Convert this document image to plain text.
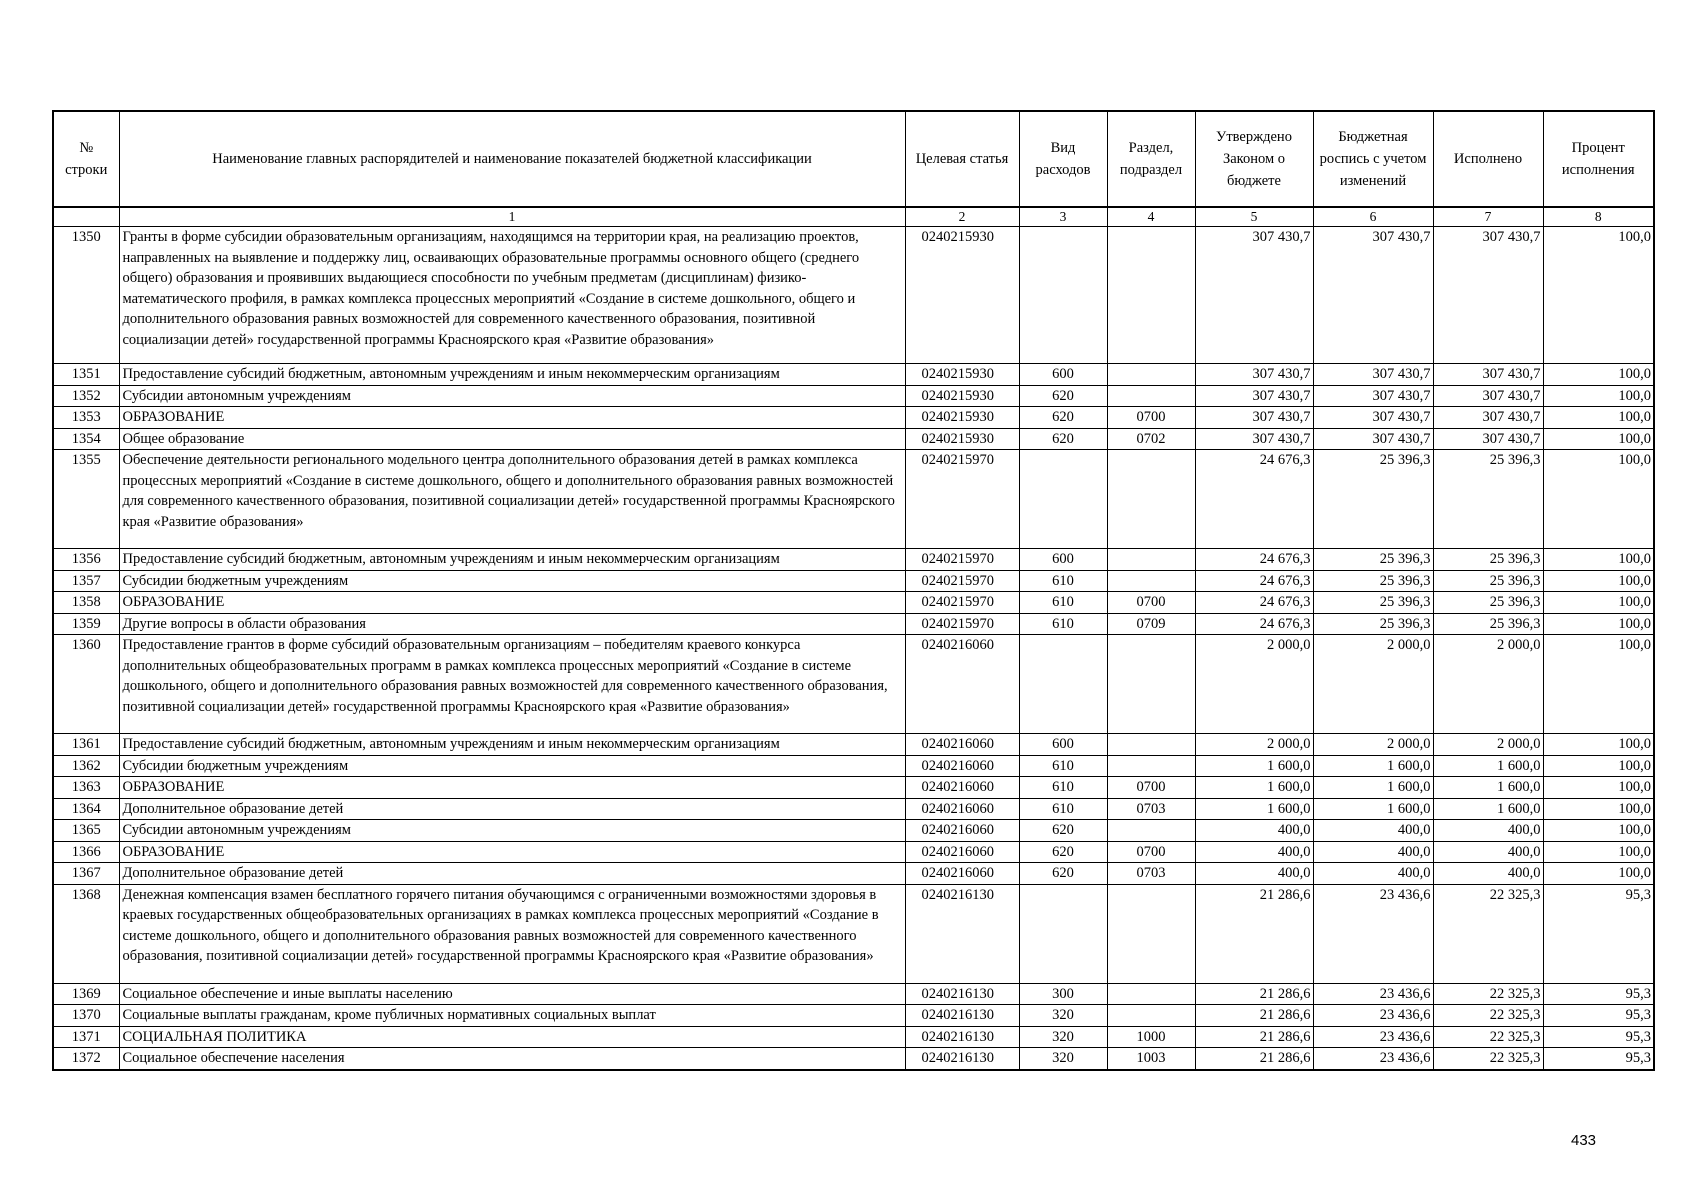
№ строки	Наименование главных распорядителей и наименование показателей бюджетной классификации	Целевая статья	Вид расходов	Раздел, подраздел	Утверждено Законом о бюджете	Бюджетная роспись с учетом изменений	Исполнено	Процент исполнения
	1	2	3	4	5	6	7	8
1350	Гранты в форме субсидии образовательным организациям, находящимся на территории края, на реализацию проектов, направленных на выявление и поддержку лиц, осваивающих образовательные программы основного общего (среднего общего) образования и проявивших выдающиеся способности по учебным предметам (дисциплинам) физико-математического профиля, в рамках комплекса процессных мероприятий «Создание в системе дошкольного, общего и дополнительного образования равных возможностей для современного качественного образования, позитивной социализации детей» государственной программы Красноярского края «Развитие образования»	0240215930			307 430,7	307 430,7	307 430,7	100,0
1351	Предоставление субсидий бюджетным, автономным учреждениям и иным некоммерческим организациям	0240215930	600		307 430,7	307 430,7	307 430,7	100,0
1352	Субсидии автономным учреждениям	0240215930	620		307 430,7	307 430,7	307 430,7	100,0
1353	ОБРАЗОВАНИЕ	0240215930	620	0700	307 430,7	307 430,7	307 430,7	100,0
1354	Общее образование	0240215930	620	0702	307 430,7	307 430,7	307 430,7	100,0
1355	Обеспечение деятельности регионального модельного центра дополнительного образования детей в рамках комплекса процессных мероприятий «Создание в системе дошкольного, общего и дополнительного образования равных возможностей для современного качественного образования, позитивной социализации детей» государственной программы Красноярского края «Развитие образования»	0240215970			24 676,3	25 396,3	25 396,3	100,0
1356	Предоставление субсидий бюджетным, автономным учреждениям и иным некоммерческим организациям	0240215970	600		24 676,3	25 396,3	25 396,3	100,0
1357	Субсидии бюджетным учреждениям	0240215970	610		24 676,3	25 396,3	25 396,3	100,0
1358	ОБРАЗОВАНИЕ	0240215970	610	0700	24 676,3	25 396,3	25 396,3	100,0
1359	Другие вопросы в области образования	0240215970	610	0709	24 676,3	25 396,3	25 396,3	100,0
1360	Предоставление грантов в форме субсидий образовательным организациям – победителям краевого конкурса дополнительных общеобразовательных программ в рамках комплекса процессных мероприятий «Создание в системе дошкольного, общего и дополнительного образования равных возможностей для современного качественного образования, позитивной социализации детей» государственной программы Красноярского края «Развитие образования»	0240216060			2 000,0	2 000,0	2 000,0	100,0
1361	Предоставление субсидий бюджетным, автономным учреждениям и иным некоммерческим организациям	0240216060	600		2 000,0	2 000,0	2 000,0	100,0
1362	Субсидии бюджетным учреждениям	0240216060	610		1 600,0	1 600,0	1 600,0	100,0
1363	ОБРАЗОВАНИЕ	0240216060	610	0700	1 600,0	1 600,0	1 600,0	100,0
1364	Дополнительное образование детей	0240216060	610	0703	1 600,0	1 600,0	1 600,0	100,0
1365	Субсидии автономным учреждениям	0240216060	620		400,0	400,0	400,0	100,0
1366	ОБРАЗОВАНИЕ	0240216060	620	0700	400,0	400,0	400,0	100,0
1367	Дополнительное образование детей	0240216060	620	0703	400,0	400,0	400,0	100,0
1368	Денежная компенсация взамен бесплатного горячего питания обучающимся с ограниченными возможностями здоровья в краевых государственных общеобразовательных организациях в рамках комплекса процессных мероприятий «Создание в системе дошкольного, общего и дополнительного образования равных возможностей для современного качественного образования, позитивной социализации детей» государственной программы Красноярского края «Развитие образования»	0240216130			21 286,6	23 436,6	22 325,3	95,3
1369	Социальное обеспечение и иные выплаты населению	0240216130	300		21 286,6	23 436,6	22 325,3	95,3
1370	Социальные выплаты гражданам, кроме публичных нормативных социальных выплат	0240216130	320		21 286,6	23 436,6	22 325,3	95,3
1371	СОЦИАЛЬНАЯ ПОЛИТИКА	0240216130	320	1000	21 286,6	23 436,6	22 325,3	95,3
1372	Социальное обеспечение населения	0240216130	320	1003	21 286,6	23 436,6	22 325,3	95,3
433
